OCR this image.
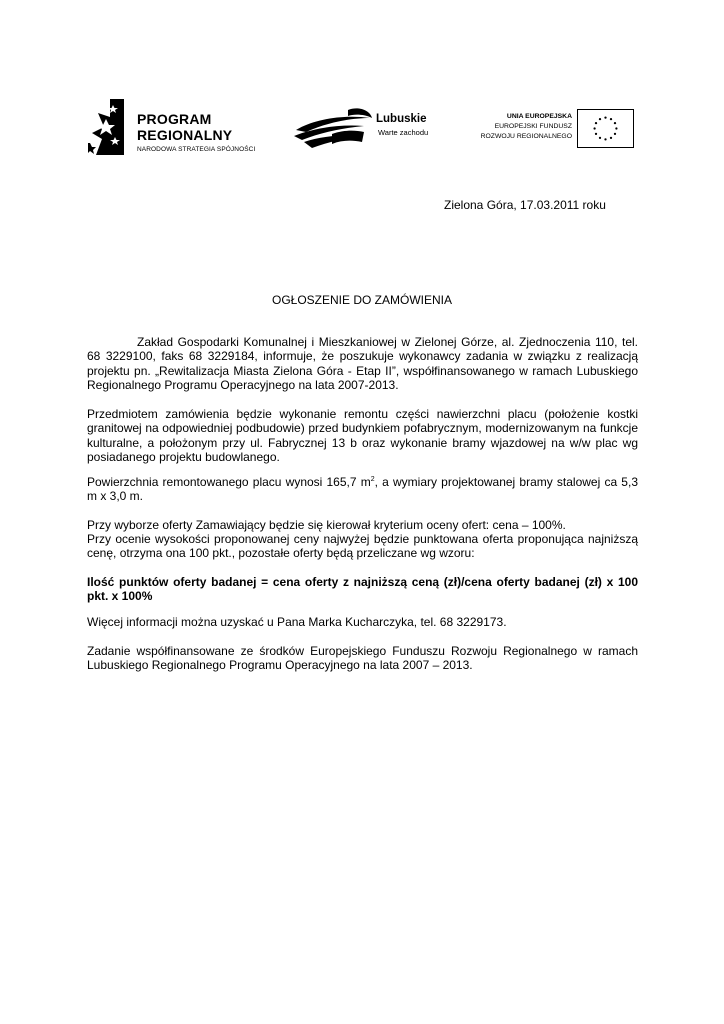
PROGRAM
REGIONALNY
NARODOWA STRATEGIA SPÓJNOŚCI
Lubuskie
Warte zachodu
UNIA EUROPEJSKA
EUROPEJSKI FUNDUSZ
ROZWOJU REGIONALNEGO
Zielona Góra, 17.03.2011 roku
OGŁOSZENIE DO ZAMÓWIENIA

Zakład Gospodarki Komunalnej i Mieszkaniowej w Zielonej Górze, al. Zjednoczenia 110, tel. 68 3229100, faks 68 3229184, informuje, że poszukuje wykonawcy zadania w związku z realizacją projektu pn. „Rewitalizacja Miasta Zielona Góra - Etap II”, współfinansowanego w ramach Lubuskiego Regionalnego Programu Operacyjnego na lata 2007-2013.

Przedmiotem zamówienia będzie wykonanie remontu części nawierzchni placu (położenie kostki granitowej na odpowiedniej podbudowie) przed budynkiem pofabrycznym, modernizowanym na funkcje kulturalne, a położonym przy ul. Fabrycznej 13 b oraz wykonanie bramy wjazdowej na w/w plac wg posiadanego projektu budowlanego.

Powierzchnia remontowanego placu wynosi 165,7 $m^2$, a wymiary projektowanej bramy stalowej ca 5,3 m x 3,0 m.

Przy wyborze oferty Zamawiający będzie się kierował kryterium oceny ofert: cena – 100%.

Przy ocenie wysokości proponowanej ceny najwyżej będzie punktowana oferta proponująca najniższą cenę, otrzyma ona 100 pkt., pozostałe oferty będą przeliczane wg wzoru:

Ilość punktów oferty badanej = cena oferty z najniższą ceną (zł)/cena oferty badanej (zł) x 100 pkt. x 100%

Więcej informacji można uzyskać u Pana Marka Kucharczyka, tel. 68 3229173.

Zadanie współfinansowane ze środków Europejskiego Funduszu Rozwoju Regionalnego w ramach Lubuskiego Regionalnego Programu Operacyjnego na lata 2007 – 2013.
